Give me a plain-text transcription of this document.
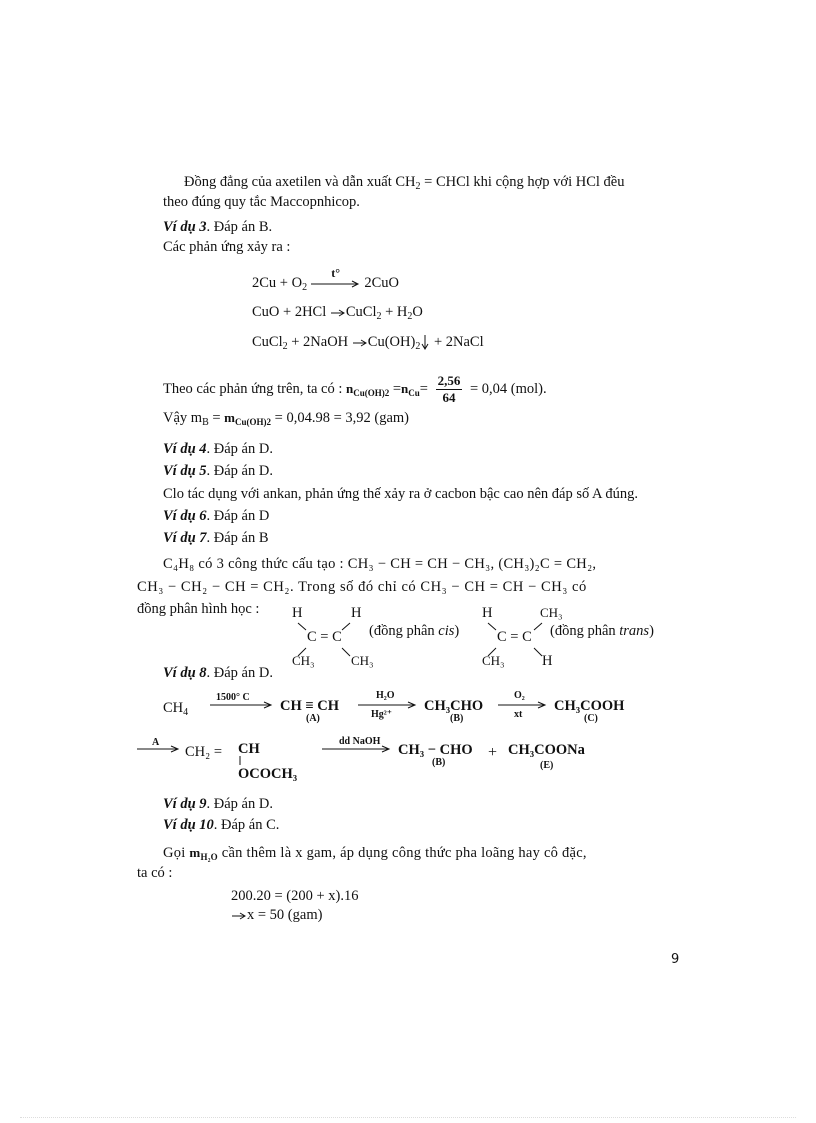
Đồng đẳng của axetilen và dẫn xuất $CH_2$ = CHCl khi cộng hợp với HCl đều
theo đúng quy tắc Maccopnhicop.
Ví dụ 3. Đáp án B.
Các phản ứng xảy ra :
$2Cu + O_2$
t°
2CuO
CuO + 2HCl CuCl$_2$ + $H_2O$
CuCl$_2$ + 2NaOH $Cu(OH)_2$
+ 2NaCl
Theo các phản ứng trên, ta có : $n_{Cu(OH)2} =n_{Cu}= \frac{2,56}{64} = 0,04$ (mol).
Vậy $m_B = m_{Cu(OH)2} = 0,04.98 = 3,92$ (gam)
Ví dụ 4. Đáp án D.
Ví dụ 5. Đáp án D.
Clo tác dụng với ankan, phản ứng thế xảy ra ở cacbon bậc cao nên đáp số A đúng.
Ví dụ 6. Đáp án D
Ví dụ 7. Đáp án B
C₄H₈ có 3 công thức cấu tạo : CH₃ − CH = CH − CH₃, (CH₃)₂C = CH₂,
CH₃ − CH₂ − CH = CH₂. Trong số đó chỉ có CH₃ − CH = CH − CH₃ có
đồng phân hình học : H	H
C = C
CH₃	CH₃
(đồng phân cis)
H	CH₃
C = C
CH₃	H
(đồng phân trans)
Ví dụ 8. Đáp án D.
$CH_4$
1500° C
CH ≡ CH
(A)
H₂O
Hg²⁺
CH₃CHO
(B)
O₂
xt
CH₃COOH
(C)
A
CH₂ = CH
OCOCH₃
dd NaOH
CH₃ − CHO
(B)
+ CH₃COONa
(E)
Ví dụ 9. Đáp án D.
Ví dụ 10. Đáp án C.
Gọi $m_{H_2O}$ cần thêm là x gam, áp dụng công thức pha loãng hay cô đặc,
ta có :
200.20 = (200 + x).16
x = 50 (gam)
9
